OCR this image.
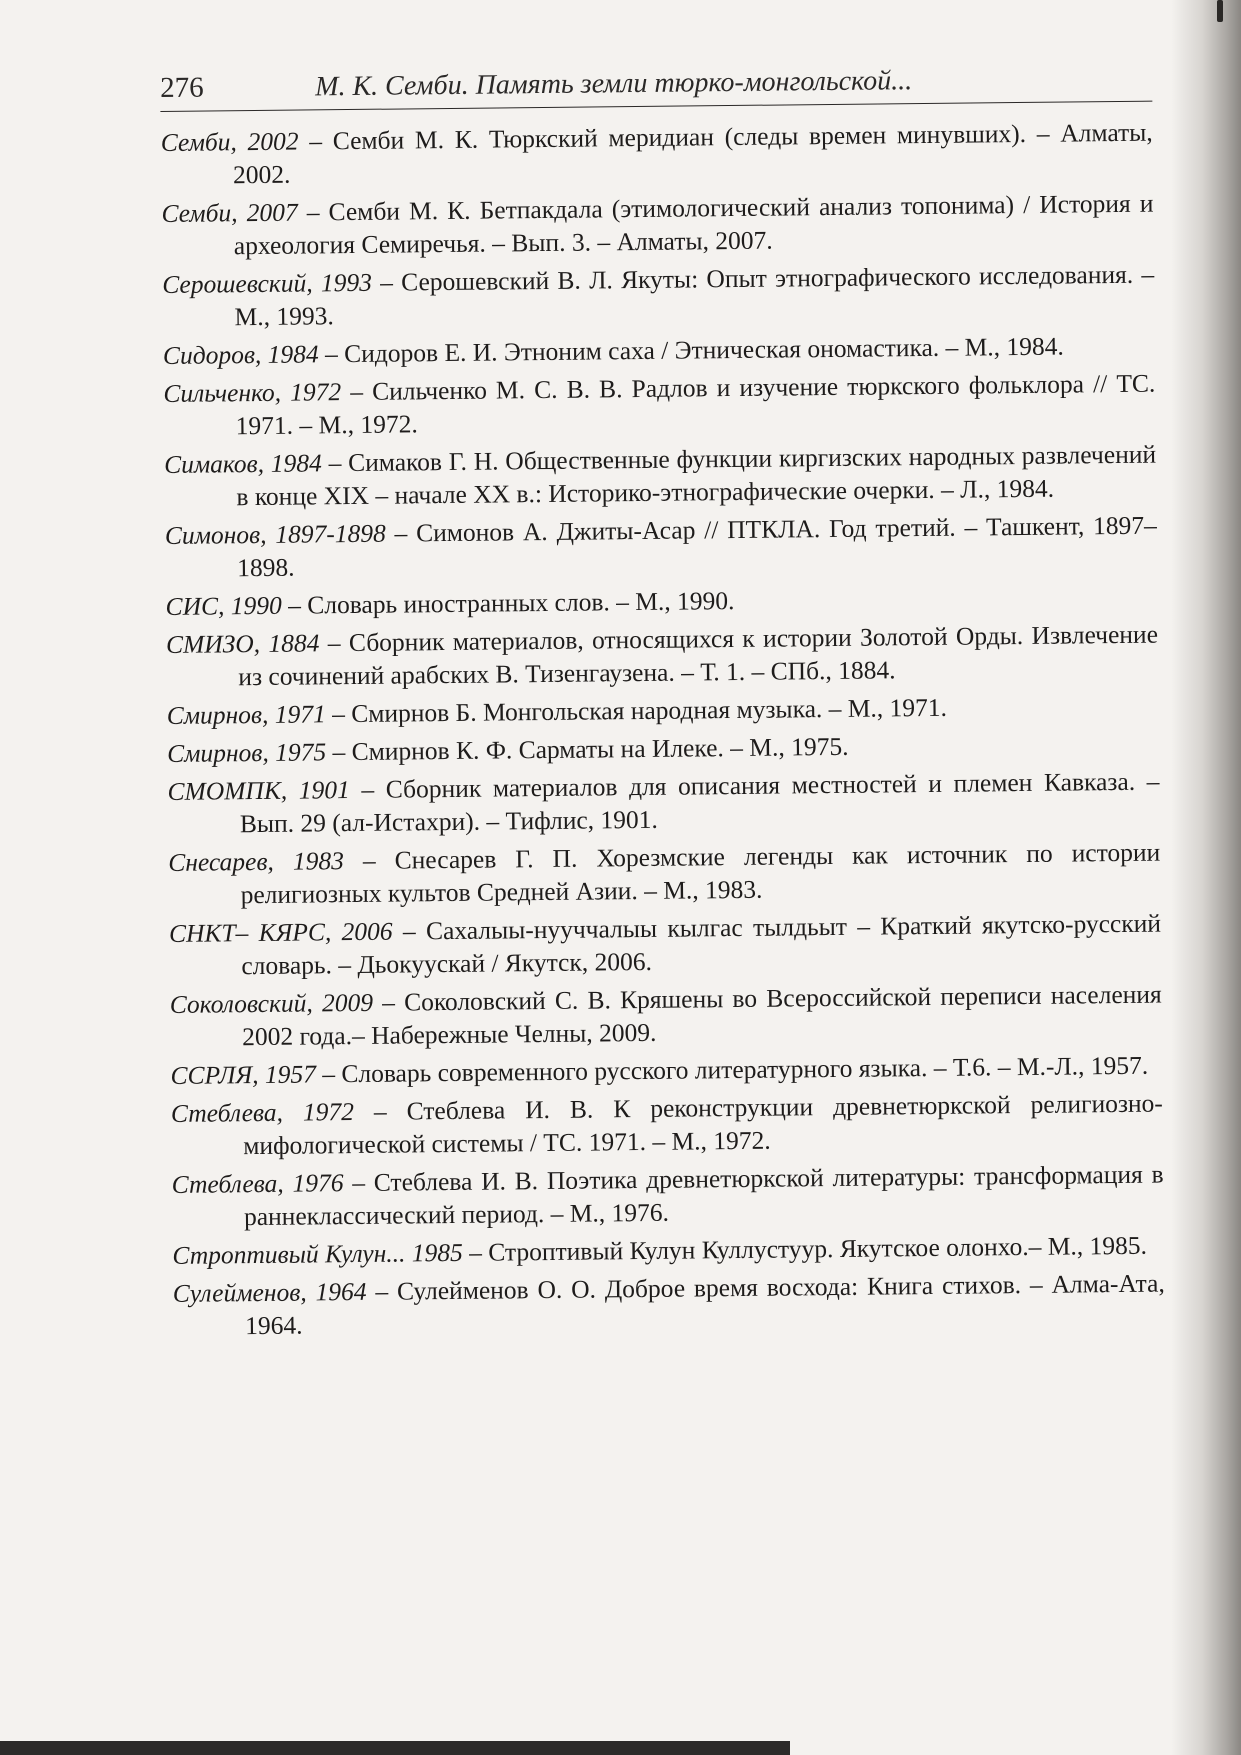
276	М. К. Семби. Память земли тюрко-монгольской...
Семби, 2002 – Семби М. К. Тюркский меридиан (следы времен минувших). – Алматы, 2002.
Семби, 2007 – Семби М. К. Бетпакдала (этимологический анализ топонима) / История и археология Семиречья. – Вып. 3. – Алматы, 2007.
Серошевский, 1993 – Серошевский В. Л. Якуты: Опыт этнографического исследования. – М., 1993.
Сидоров, 1984 – Сидоров Е. И. Этноним саха / Этническая ономастика. – М., 1984.
Сильченко, 1972 – Сильченко М. С. В. В. Радлов и изучение тюркского фольклора // ТС. 1971. – М., 1972.
Симаков, 1984 – Симаков Г. Н. Общественные функции киргизских народных развлечений в конце XIX – начале XX в.: Историко-этнографические очерки. – Л., 1984.
Симонов, 1897-1898 – Симонов А. Джиты-Асар // ПТКЛА. Год третий. – Ташкент, 1897–1898.
СИС, 1990 – Словарь иностранных слов. – М., 1990.
СМИЗО, 1884 – Сборник материалов, относящихся к истории Золотой Орды. Извлечение из сочинений арабских В. Тизенгаузена. – Т. 1. – СПб., 1884.
Смирнов, 1971 – Смирнов Б. Монгольская народная музыка. – М., 1971.
Смирнов, 1975 – Смирнов К. Ф. Сарматы на Илеке. – М., 1975.
СМОМПК, 1901 – Сборник материалов для описания местностей и племен Кавказа. – Вып. 29 (ал-Истахри). – Тифлис, 1901.
Снесарев, 1983 – Снесарев Г. П. Хорезмские легенды как источник по истории религиозных культов Средней Азии. – М., 1983.
СНКТ– КЯРС, 2006 – Сахалыы-нууччалыы кылгас тылдьыт – Краткий якутско-русский словарь. – Дьокуускай / Якутск, 2006.
Соколовский, 2009 – Соколовский С. В. Кряшены во Всероссийской переписи населения 2002 года.– Набережные Челны, 2009.
ССРЛЯ, 1957 – Словарь современного русского литературного языка. – Т.6. – М.-Л., 1957.
Стеблева, 1972 – Стеблева И. В. К реконструкции древнетюркской религиозно-мифологической системы / ТС. 1971. – М., 1972.
Стеблева, 1976 – Стеблева И. В. Поэтика древнетюркской литературы: трансформация в раннеклассический период. – М., 1976.
Строптивый Кулун... 1985 – Строптивый Кулун Куллустуур. Якутское олонхо.– М., 1985.
Сулейменов, 1964 – Сулейменов О. О. Доброе время восхода: Книга стихов. – Алма-Ата, 1964.
